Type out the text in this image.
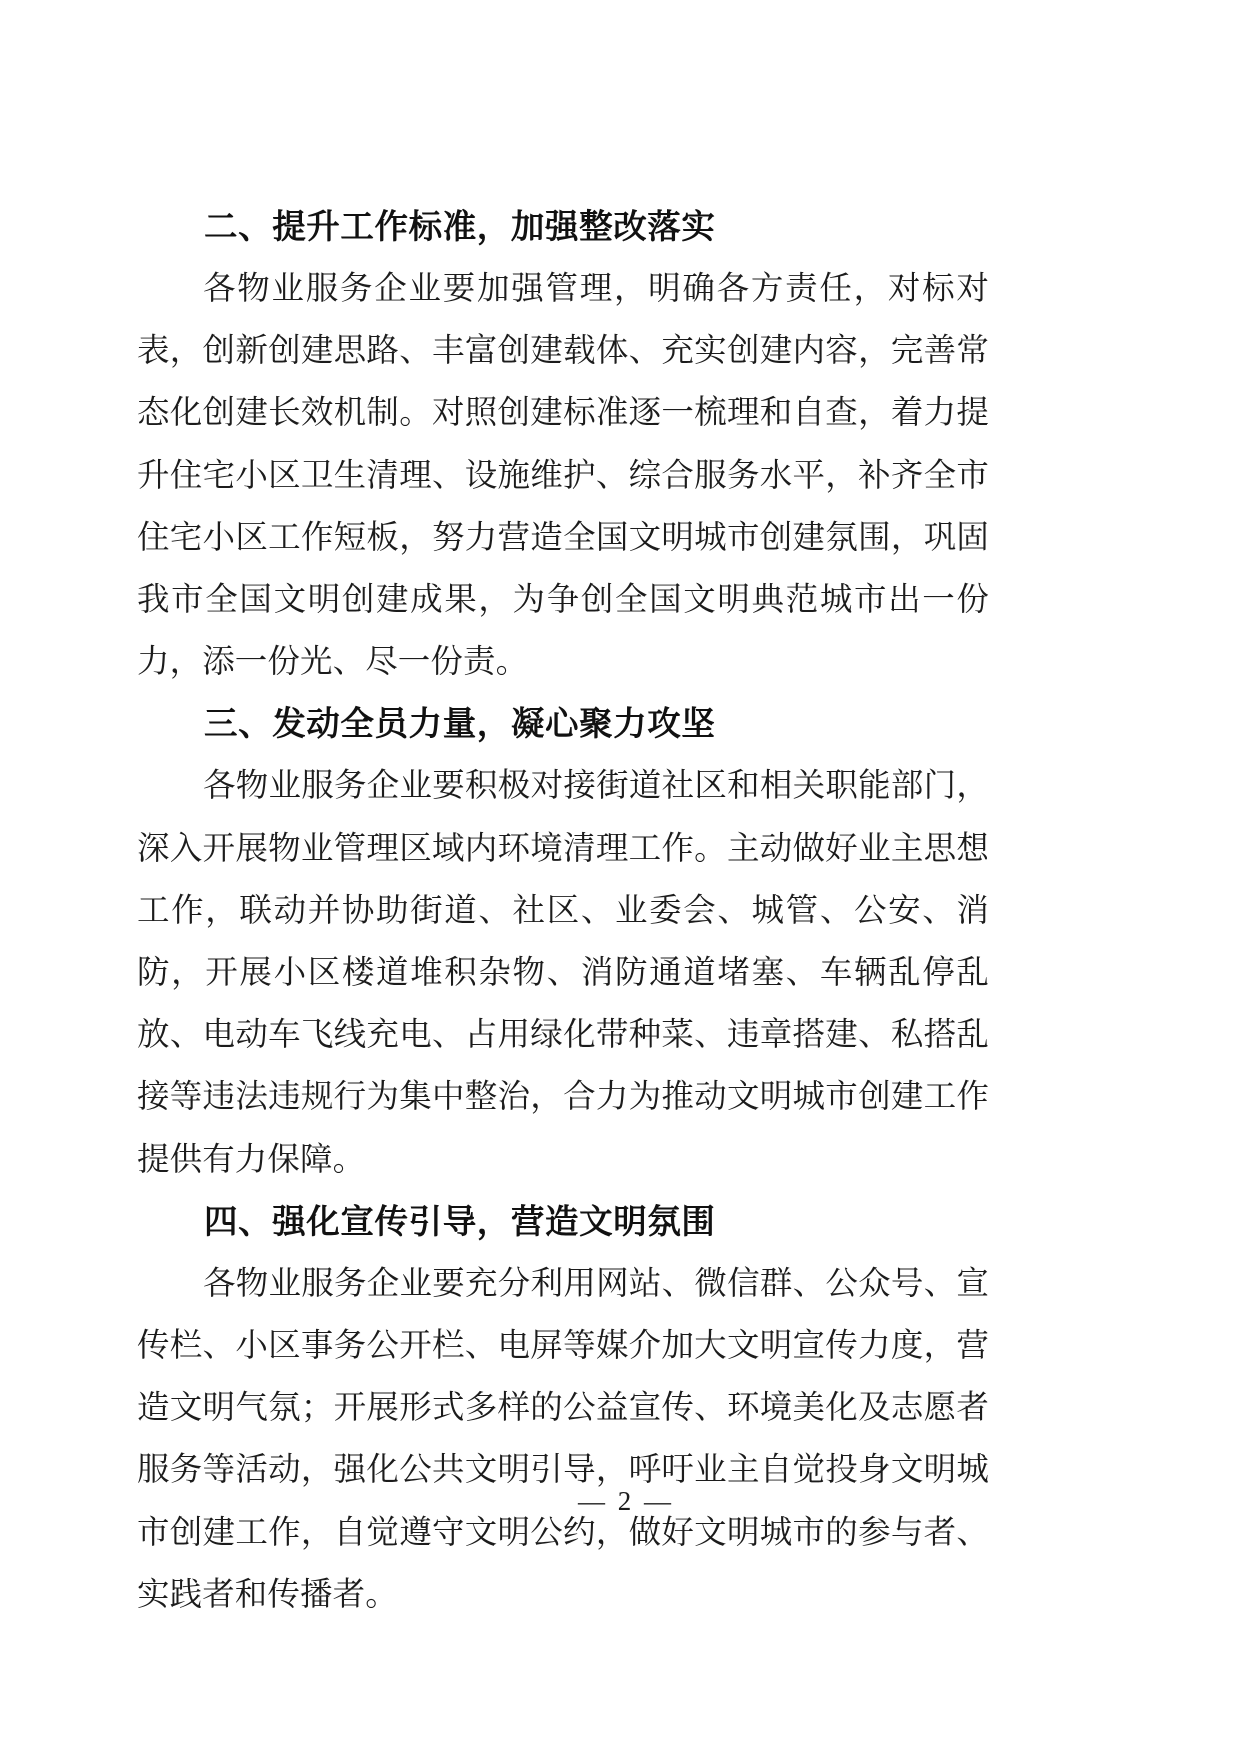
二、提升工作标准，加强整改落实

各物业服务企业要加强管理，明确各方责任，对标对表，创新创建思路、丰富创建载体、充实创建内容，完善常态化创建长效机制。对照创建标准逐一梳理和自查，着力提升住宅小区卫生清理、设施维护、综合服务水平，补齐全市住宅小区工作短板，努力营造全国文明城市创建氛围，巩固我市全国文明创建成果，为争创全国文明典范城市出一份力，添一份光、尽一份责。

三、发动全员力量，凝心聚力攻坚

各物业服务企业要积极对接街道社区和相关职能部门，深入开展物业管理区域内环境清理工作。主动做好业主思想工作，联动并协助街道、社区、业委会、城管、公安、消防，开展小区楼道堆积杂物、消防通道堵塞、车辆乱停乱放、电动车飞线充电、占用绿化带种菜、违章搭建、私搭乱接等违法违规行为集中整治，合力为推动文明城市创建工作提供有力保障。

四、强化宣传引导，营造文明氛围

各物业服务企业要充分利用网站、微信群、公众号、宣传栏、小区事务公开栏、电屏等媒介加大文明宣传力度，营造文明气氛；开展形式多样的公益宣传、环境美化及志愿者服务等活动，强化公共文明引导，呼吁业主自觉投身文明城市创建工作，自觉遵守文明公约，做好文明城市的参与者、实践者和传播者。

— 2 —
